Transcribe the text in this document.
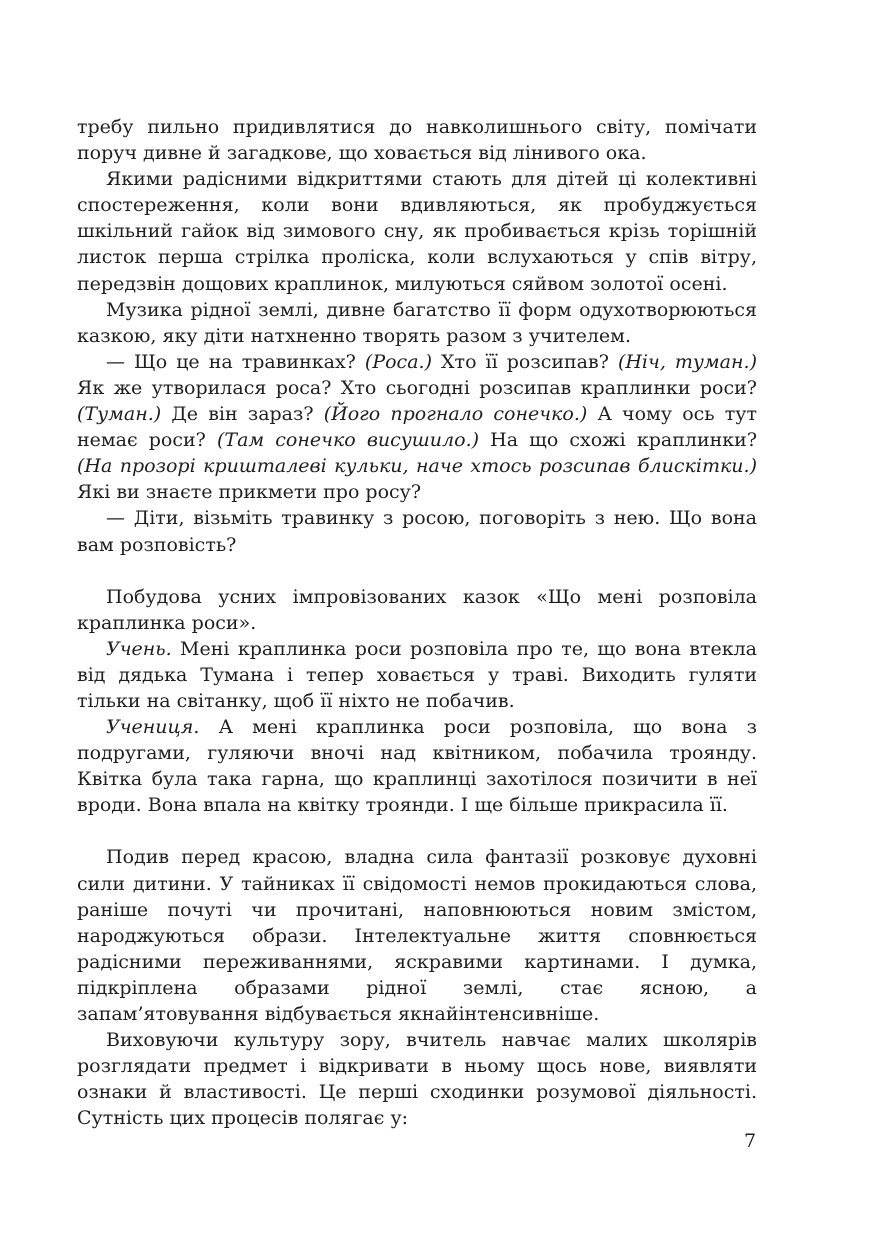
требу пильно придивлятися до навколишнього світу, помічати поруч дивне й загадкове, що ховається від лінивого ока.

Якими радісними відкриттями стають для дітей ці колективні спостереження, коли вони вдивляються, як пробуджується шкільний гайок від зимового сну, як пробивається крізь торішній листок перша стрілка проліска, коли вслухаються у спів вітру, передзвін дощових краплинок, милуються сяйвом золотої осені.

Музика рідної землі, дивне багатство її форм одухотворюються казкою, яку діти натхненно творять разом з учителем.

— Що це на травинках? (Роса.) Хто її розсипав? (Ніч, туман.) Як же утворилася роса? Хто сьогодні розсипав краплинки роси? (Туман.) Де він зараз? (Його прогнало сонечко.) А чому ось тут немає роси? (Там сонечко висушило.) На що схожі краплинки? (На прозорі кришталеві кульки, наче хтось розсипав блискітки.) Які ви знаєте прикмети про росу?

— Діти, візьміть травинку з росою, поговоріть з нею. Що вона вам розповість?

Побудова усних імпровізованих казок «Що мені розповіла краплинка роси».

Учень. Мені краплинка роси розповіла про те, що вона втекла від дядька Тумана і тепер ховається у траві. Виходить гуляти тільки на світанку, щоб її ніхто не побачив.

Учениця. А мені краплинка роси розповіла, що вона з подругами, гуляючи вночі над квітником, побачила троянду. Квітка була така гарна, що краплинці захотілося позичити в неї вроди. Вона впала на квітку троянди. І ще більше прикрасила її.

Подив перед красою, владна сила фантазії розковує духовні сили дитини. У тайниках її свідомості немов прокидаються слова, раніше почуті чи прочитані, наповнюються новим змістом, народжуються образи. Інтелектуальне життя сповнюється радісними переживаннями, яскравими картинами. І думка, підкріплена образами рідної землі, стає ясною, а запам’ятовування відбувається якнайінтенсивніше.

Виховуючи культуру зору, вчитель навчає малих школярів розглядати предмет і відкривати в ньому щось нове, виявляти ознаки й властивості. Це перші сходинки розумової діяльності. Сутність цих процесів полягає у:

7
